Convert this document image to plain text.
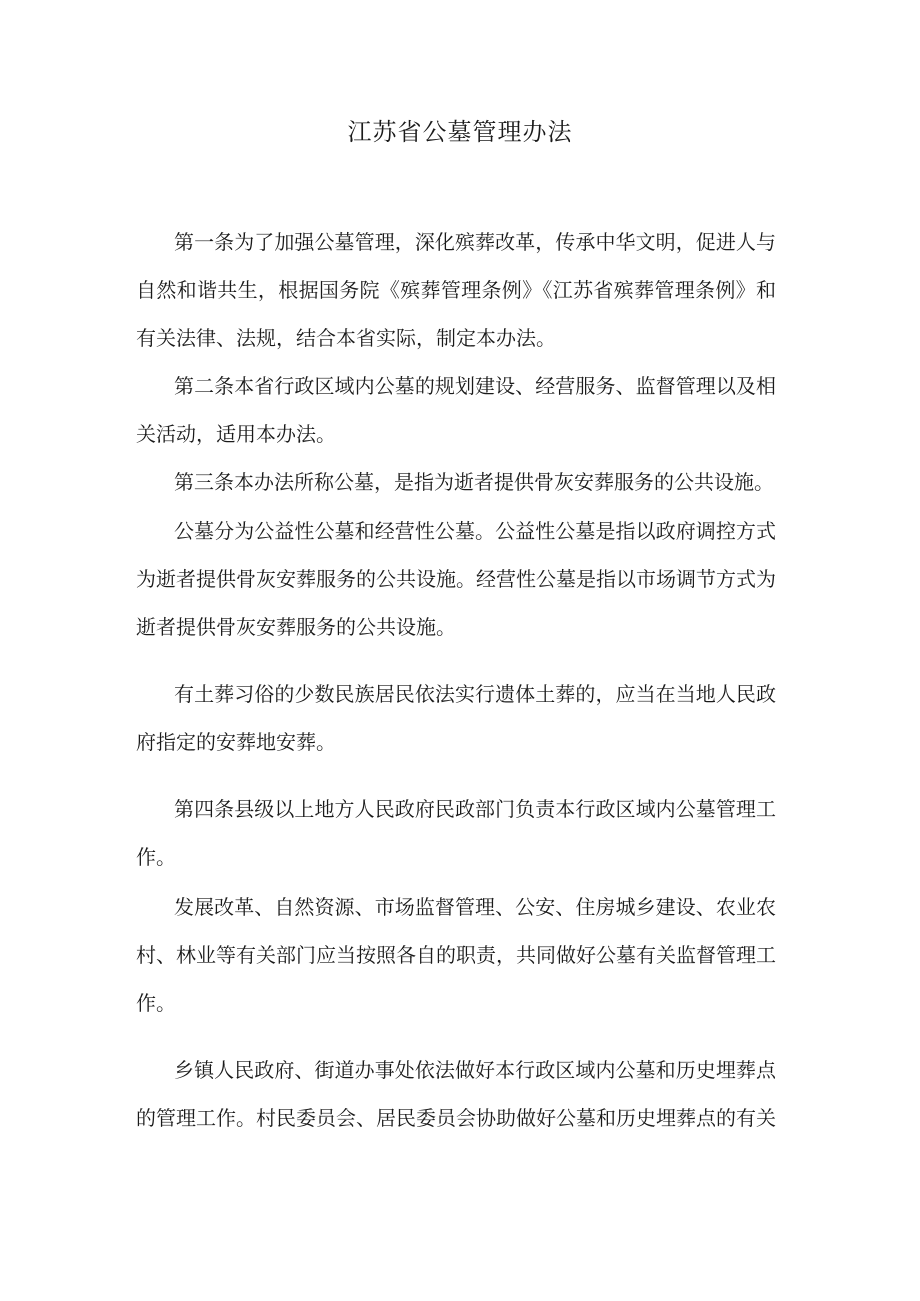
江苏省公墓管理办法

第一条为了加强公墓管理，深化殡葬改革，传承中华文明，促进人与自然和谐共生，根据国务院《殡葬管理条例》《江苏省殡葬管理条例》和有关法律、法规，结合本省实际，制定本办法。

第二条本省行政区域内公墓的规划建设、经营服务、监督管理以及相关活动，适用本办法。

第三条本办法所称公墓，是指为逝者提供骨灰安葬服务的公共设施。

公墓分为公益性公墓和经营性公墓。公益性公墓是指以政府调控方式为逝者提供骨灰安葬服务的公共设施。经营性公墓是指以市场调节方式为逝者提供骨灰安葬服务的公共设施。

有土葬习俗的少数民族居民依法实行遗体土葬的，应当在当地人民政府指定的安葬地安葬。

第四条县级以上地方人民政府民政部门负责本行政区域内公墓管理工作。

发展改革、自然资源、市场监督管理、公安、住房城乡建设、农业农村、林业等有关部门应当按照各自的职责，共同做好公墓有关监督管理工作。

乡镇人民政府、街道办事处依法做好本行政区域内公墓和历史埋葬点的管理工作。村民委员会、居民委员会协助做好公墓和历史埋葬点的有关
